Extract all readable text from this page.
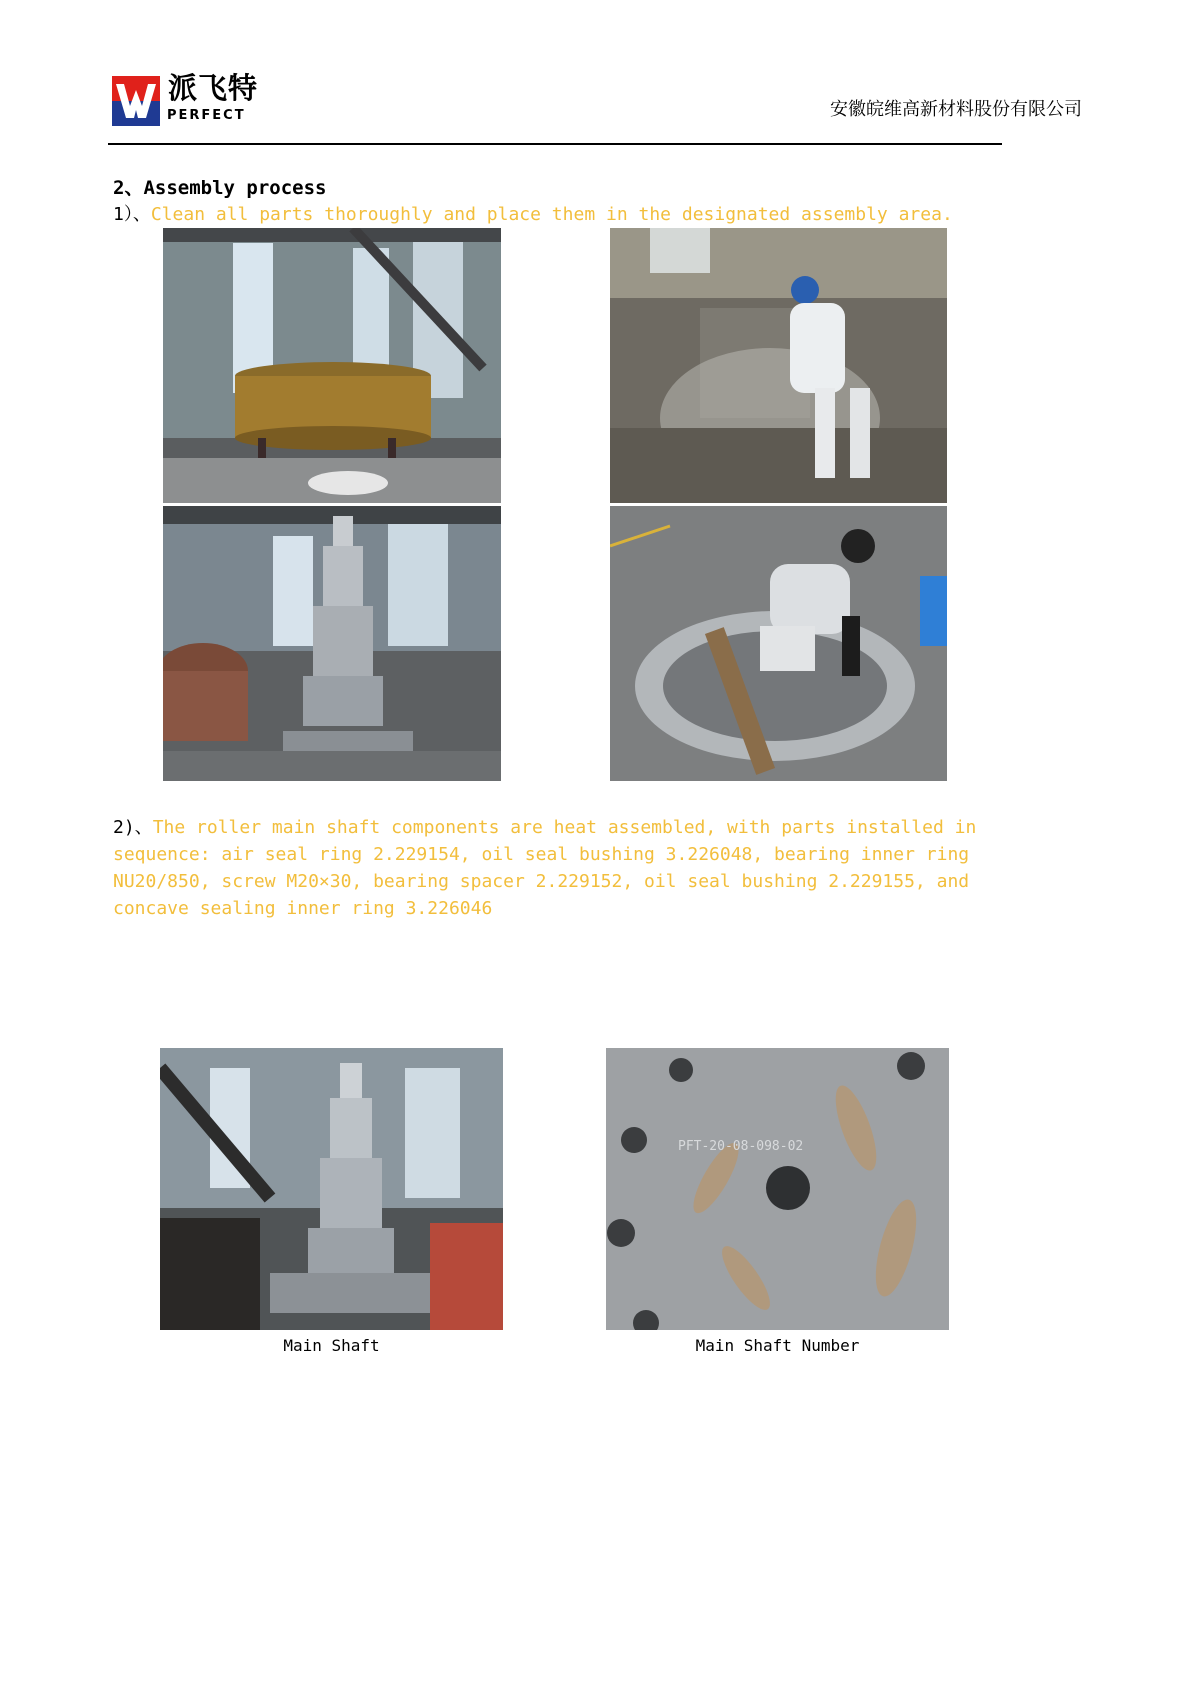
派飞特
PERFECT	安徽皖维高新材料股份有限公司
2、Assembly process
1）、Clean all parts thoroughly and place them in the designated assembly area.
2)、The roller main shaft components are heat assembled, with parts installed in sequence: air seal ring 2.229154, oil seal bushing 3.226048, bearing inner ring NU20/850, screw M20×30, bearing spacer 2.229152, oil seal bushing 2.229155, and concave sealing inner ring 3.226046
PFT-20-08-098-02
Main Shaft	Main Shaft Number
